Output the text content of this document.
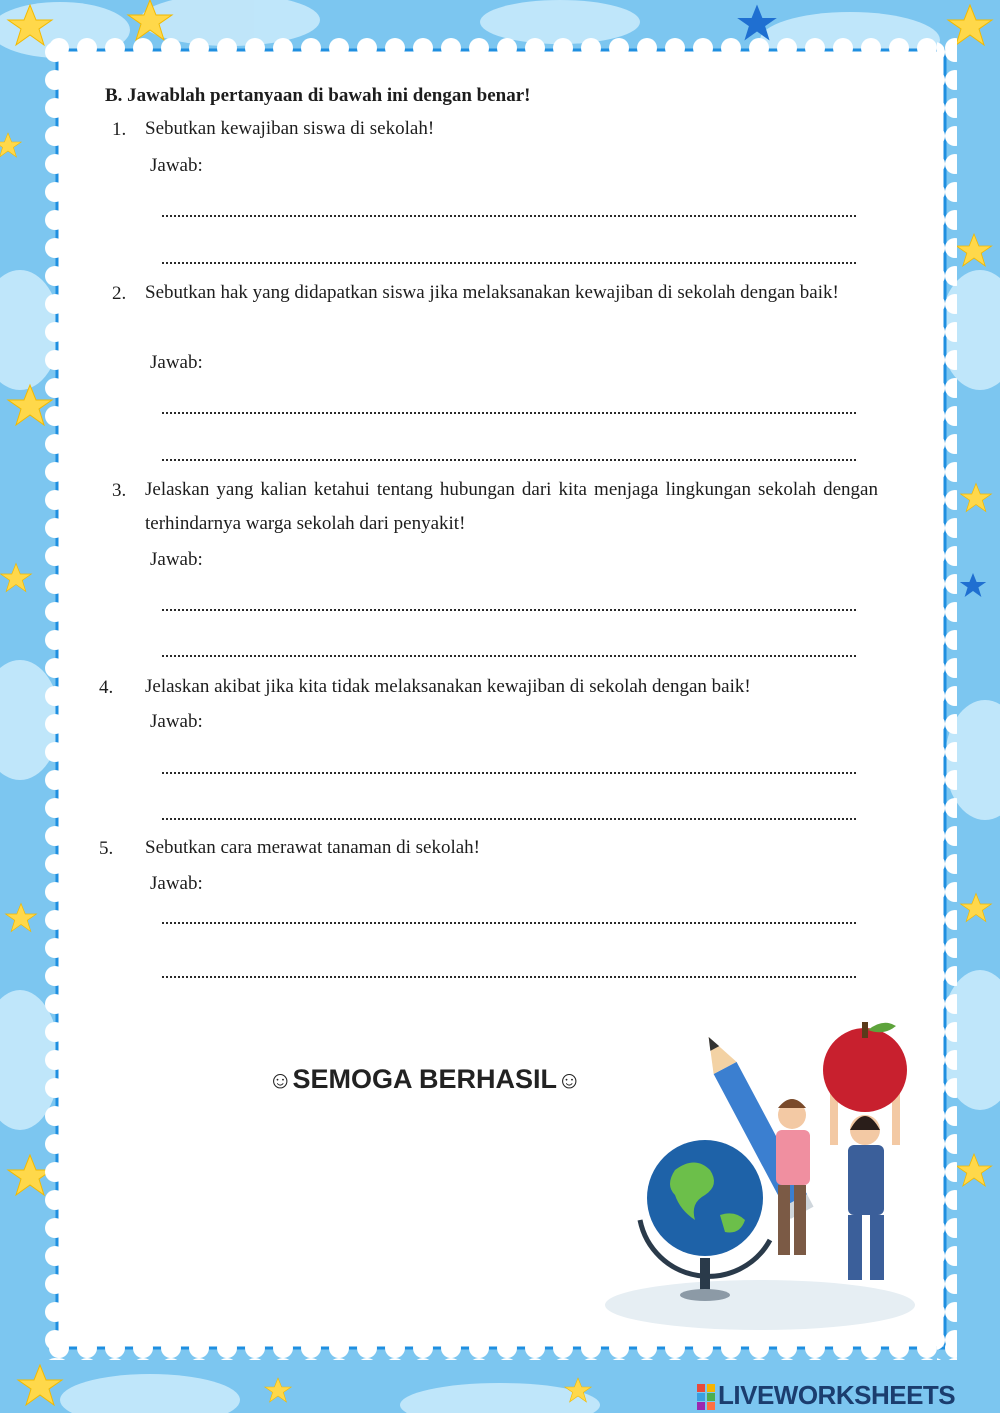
B. Jawablah pertanyaan di bawah ini dengan benar!
1. Sebutkan kewajiban siswa di sekolah!
Jawab:
2. Sebutkan hak yang didapatkan siswa jika melaksanakan kewajiban di sekolah dengan baik!
Jawab:
3. Jelaskan yang kalian ketahui tentang hubungan dari kita menjaga lingkungan sekolah dengan terhindarnya warga sekolah dari penyakit!
Jawab:
4. Jelaskan akibat jika kita tidak melaksanakan kewajiban di sekolah dengan baik!
Jawab:
5. Sebutkan cara merawat tanaman di sekolah!
Jawab:
☺SEMOGA BERHASIL☺
LIVEWORKSHEETS
